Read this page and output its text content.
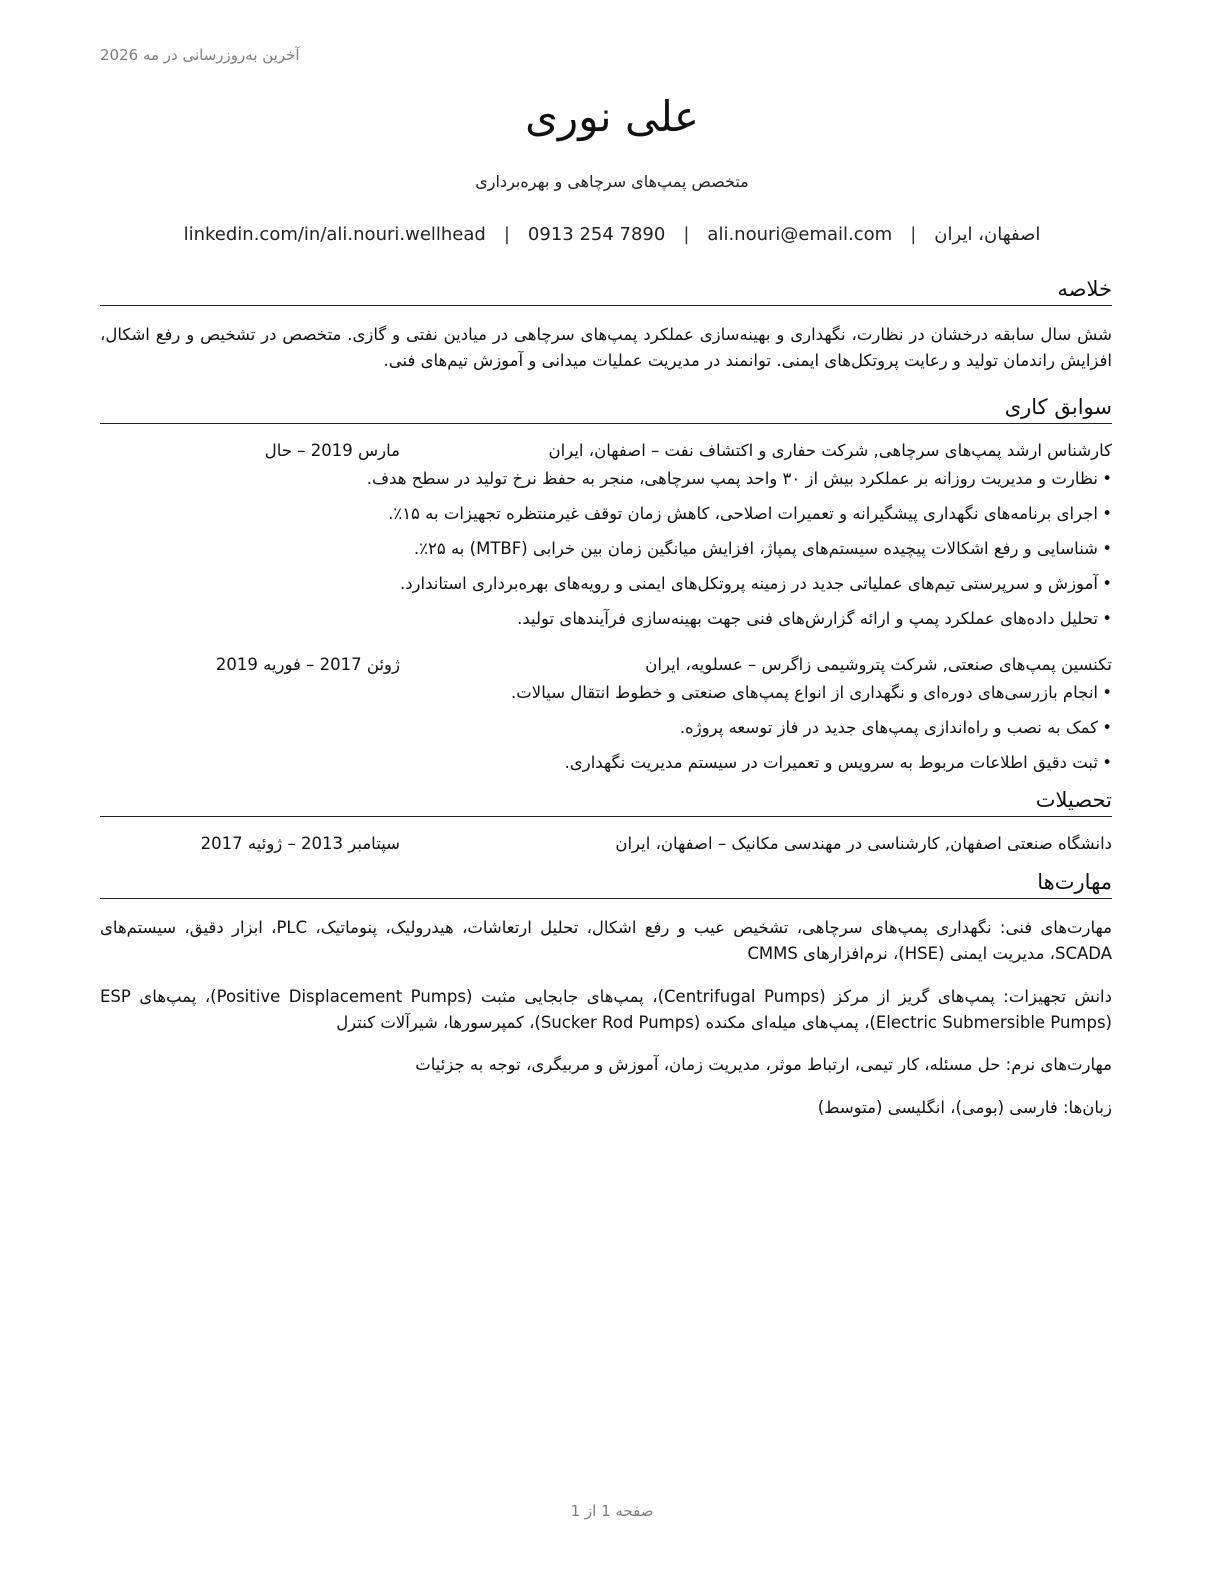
آخرین به‌روزرسانی در مه 2026
علی نوری
متخصص پمپ‌های سرچاهی و بهره‌برداری
اصفهان، ایران
|
ali.nouri@email.com
|
0913 254 7890
|
linkedin.com/in/ali.nouri.wellhead
خلاصه

شش سال سابقه درخشان در نظارت، نگهداری و بهینه‌سازی عملکرد پمپ‌های سرچاهی در میادین نفتی و گازی. متخصص در تشخیص و رفع اشکال، افزایش راندمان تولید و رعایت پروتکل‌های ایمنی. توانمند در مدیریت عملیات میدانی و آموزش تیم‌های فنی.

سوابق کاری
کارشناس ارشد پمپ‌های سرچاهی, شرکت حفاری و اکتشاف نفت – اصفهان، ایران
مارس 2019 – حال
• نظارت و مدیریت روزانه بر عملکرد بیش از ۳۰ واحد پمپ سرچاهی، منجر به حفظ نرخ تولید در سطح هدف.
• اجرای برنامه‌های نگهداری پیشگیرانه و تعمیرات اصلاحی، کاهش زمان توقف غیرمنتظره تجهیزات به ۱۵٪.
• شناسایی و رفع اشکالات پیچیده سیستم‌های پمپاژ، افزایش میانگین زمان بین خرابی (MTBF) به ۲۵٪.
• آموزش و سرپرستی تیم‌های عملیاتی جدید در زمینه پروتکل‌های ایمنی و رویه‌های بهره‌برداری استاندارد.
• تحلیل داده‌های عملکرد پمپ و ارائه گزارش‌های فنی جهت بهینه‌سازی فرآیندهای تولید.
تکنسین پمپ‌های صنعتی, شرکت پتروشیمی زاگرس – عسلویه، ایران
ژوئن 2017 – فوریه 2019
• انجام بازرسی‌های دوره‌ای و نگهداری از انواع پمپ‌های صنعتی و خطوط انتقال سیالات.
• کمک به نصب و راه‌اندازی پمپ‌های جدید در فاز توسعه پروژه.
• ثبت دقیق اطلاعات مربوط به سرویس و تعمیرات در سیستم مدیریت نگهداری.
تحصیلات
دانشگاه صنعتی اصفهان, کارشناسی در مهندسی مکانیک – اصفهان، ایران
سپتامبر 2013 – ژوئیه 2017
مهارت‌ها

مهارت‌های فنی: نگهداری پمپ‌های سرچاهی، تشخیص عیب و رفع اشکال، تحلیل ارتعاشات، هیدرولیک، پنوماتیک، PLC، ابزار دقیق، سیستم‌های SCADA، مدیریت ایمنی (HSE)، نرم‌افزارهای CMMS

دانش تجهیزات: پمپ‌های گریز از مرکز (Centrifugal Pumps)، پمپ‌های جابجایی مثبت (Positive Displacement Pumps)، پمپ‌های ESP (Electric Submersible Pumps)، پمپ‌های میله‌ای مکنده (Sucker Rod Pumps)، کمپرسورها، شیرآلات کنترل

مهارت‌های نرم: حل مسئله، کار تیمی، ارتباط موثر، مدیریت زمان، آموزش و مربیگری، توجه به جزئیات

زبان‌ها: فارسی (بومی)، انگلیسی (متوسط)

صفحه 1 از 1
